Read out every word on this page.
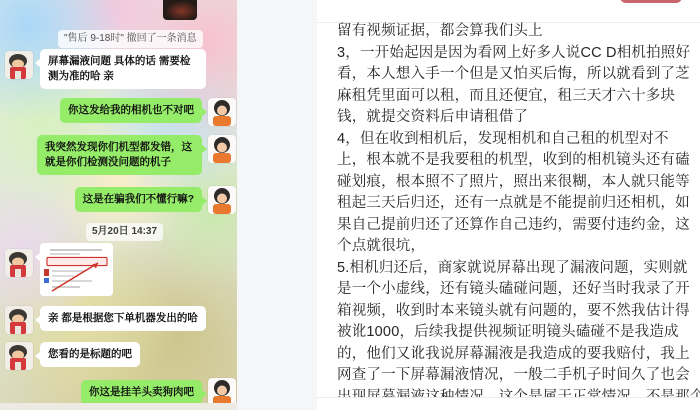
"售后 9-18时" 撤回了一条消息
屏幕漏液问题 具体的话 需要检测为准的哈 亲
你这发给我的相机也不对吧
我突然发现你们机型都发错，这就是你们检测没问题的机子
这是在骗我们不懂行嘛?
5月20日 14:37
亲 都是根据您下单机器发出的哈
您看的是标题的吧
你这是挂羊头卖狗肉吧
留有视频证据，都会算我们头上
3，一开始起因是因为看网上好多人说CC D相机拍照好
看，本人想入手一个但是又怕买后悔，所以就看到了芝
麻租凭里面可以租，而且还便宜，租三天才六十多块
钱，就提交资料后申请租借了
4，但在收到相机后，发现相机和自己租的机型对不
上，根本就不是我要租的机型，收到的相机镜头还有磕
碰划痕，根本照不了照片，照出来很糊，本人就只能等
租起三天后归还，还有一点就是不能提前归还相机，如
果自己提前归还了还算作自己违约，需要付违约金，这
个点就很坑，
5.相机归还后，商家就说屏幕出现了漏液问题，实则就
是一个小虚线，还有镜头磕碰问题，还好当时我录了开
箱视频，收到时本来镜头就有问题的，要不然我估计得
被讹1000，后续我提供视频证明镜头磕碰不是我造成
的，他们又讹我说屏幕漏液是我造成的要我赔付，我上
网查了一下屏幕漏液情况，一般二手机子时间久了也会
